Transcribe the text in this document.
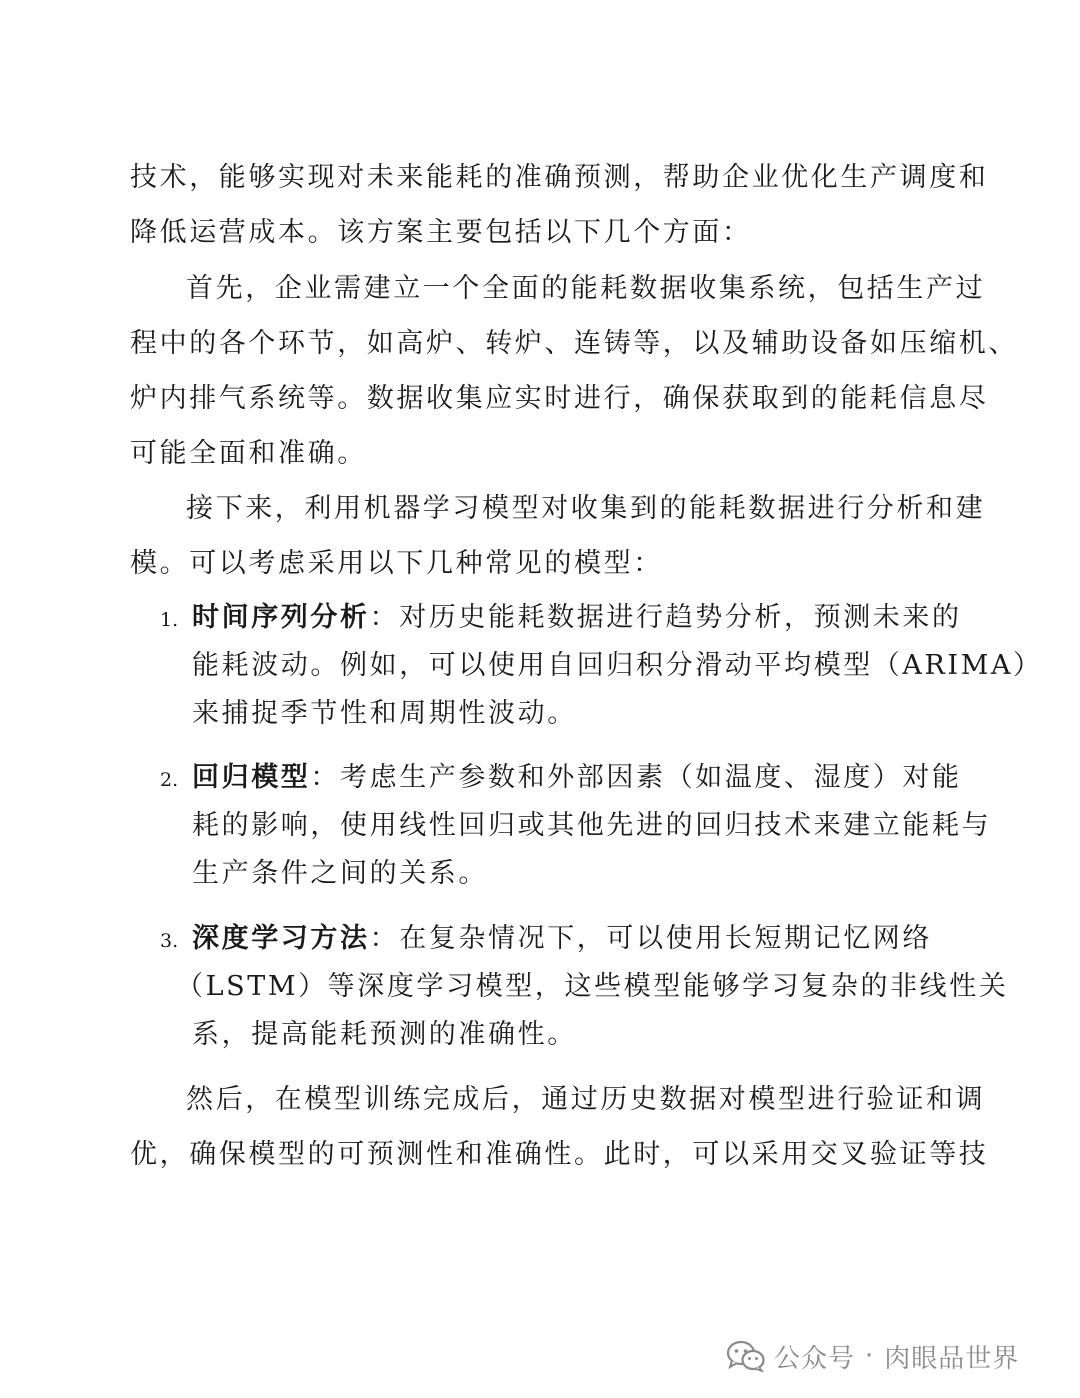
技术，能够实现对未来能耗的准确预测，帮助企业优化生产调度和
降低运营成本。该方案主要包括以下几个方面：
首先，企业需建立一个全面的能耗数据收集系统，包括生产过
程中的各个环节，如高炉、转炉、连铸等，以及辅助设备如压缩机、
炉内排气系统等。数据收集应实时进行，确保获取到的能耗信息尽
可能全面和准确。
接下来，利用机器学习模型对收集到的能耗数据进行分析和建
模。可以考虑采用以下几种常见的模型：
1. 时间序列分析：对历史能耗数据进行趋势分析，预测未来的
能耗波动。例如，可以使用自回归积分滑动平均模型（ARIMA）
来捕捉季节性和周期性波动。
2. 回归模型：考虑生产参数和外部因素（如温度、湿度）对能
耗的影响，使用线性回归或其他先进的回归技术来建立能耗与
生产条件之间的关系。
3. 深度学习方法：在复杂情况下，可以使用长短期记忆网络
（LSTM）等深度学习模型，这些模型能够学习复杂的非线性关
系，提高能耗预测的准确性。
然后，在模型训练完成后，通过历史数据对模型进行验证和调
优，确保模型的可预测性和准确性。此时，可以采用交叉验证等技
公众号 · 肉眼品世界
